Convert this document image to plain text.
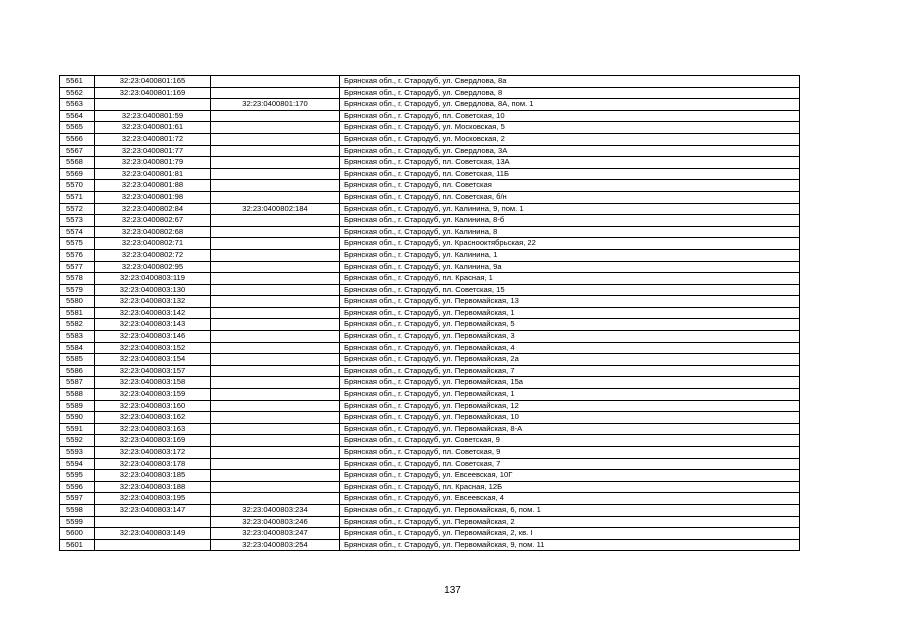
5561	32:23:0400801:165		Брянская обл., г. Стародуб, ул. Свердлова, 8а
5562	32:23:0400801:169		Брянская обл., г. Стародуб, ул. Свердлова, 8
5563		32:23:0400801:170	Брянская обл., г. Стародуб, ул. Свердлова, 8А, пом. 1
5564	32:23:0400801:59		Брянская обл., г. Стародуб, пл. Советская, 10
5565	32:23:0400801:61		Брянская обл., г. Стародуб, ул. Московская, 5
5566	32:23:0400801:72		Брянская обл., г. Стародуб, ул. Московская, 2
5567	32:23:0400801:77		Брянская обл., г. Стародуб, ул. Свердлова, 3А
5568	32:23:0400801:79		Брянская обл., г. Стародуб, пл. Советская, 13А
5569	32:23:0400801:81		Брянская обл., г. Стародуб, пл. Советская, 11Б
5570	32:23:0400801:88		Брянская обл., г. Стародуб, пл. Советская
5571	32:23:0400801:98		Брянская обл., г. Стародуб, пл. Советская, б/н
5572	32:23:0400802:84	32:23:0400802:184	Брянская обл., г. Стародуб, ул. Калинина, 9, пом. 1
5573	32:23:0400802:67		Брянская обл., г. Стародуб, ул. Калинина, 8-б
5574	32:23:0400802:68		Брянская обл., г. Стародуб, ул. Калинина, 8
5575	32:23:0400802:71		Брянская обл., г. Стародуб, ул. Краснооктябрьская, 22
5576	32:23:0400802:72		Брянская обл., г. Стародуб, ул. Калинина, 1
5577	32:23:0400802:95		Брянская обл., г. Стародуб, ул. Калинина, 9а
5578	32:23:0400803:119		Брянская обл., г. Стародуб, пл. Красная, 1
5579	32:23:0400803:130		Брянская обл., г. Стародуб, пл. Советская, 15
5580	32:23:0400803:132		Брянская обл., г. Стародуб, ул. Первомайская, 13
5581	32:23:0400803:142		Брянская обл., г. Стародуб, ул. Первомайская, 1
5582	32:23:0400803:143		Брянская обл., г. Стародуб, ул. Первомайская, 5
5583	32:23:0400803:146		Брянская обл., г. Стародуб, ул. Первомайская, 3
5584	32:23:0400803:152		Брянская обл., г. Стародуб, ул. Первомайская, 4
5585	32:23:0400803:154		Брянская обл., г. Стародуб, ул. Первомайская, 2а
5586	32:23:0400803:157		Брянская обл., г. Стародуб, ул. Первомайская, 7
5587	32:23:0400803:158		Брянская обл., г. Стародуб, ул. Первомайская, 15а
5588	32:23:0400803:159		Брянская обл., г. Стародуб, ул. Первомайская, 1
5589	32:23:0400803:160		Брянская обл., г. Стародуб, ул. Первомайская, 12
5590	32:23:0400803:162		Брянская обл., г. Стародуб, ул. Первомайская, 10
5591	32:23:0400803:163		Брянская обл., г. Стародуб, ул. Первомайская, 8-А
5592	32:23:0400803:169		Брянская обл., г. Стародуб, ул. Советская, 9
5593	32:23:0400803:172		Брянская обл., г. Стародуб, пл. Советская, 9
5594	32:23:0400803:178		Брянская обл., г. Стародуб, пл. Советская, 7
5595	32:23:0400803:185		Брянская обл., г. Стародуб, ул. Евсеевская, 10Г
5596	32:23:0400803:188		Брянская обл., г. Стародуб, пл. Красная, 12Б
5597	32:23:0400803:195		Брянская обл., г. Стародуб, ул. Евсеевская, 4
5598	32:23:0400803:147	32:23:0400803:234	Брянская обл., г. Стародуб, ул. Первомайская, 6, пом. 1
5599		32:23:0400803:246	Брянская обл., г. Стародуб, ул. Первомайская, 2
5600	32:23:0400803:149	32:23:0400803:247	Брянская обл., г. Стародуб, ул. Первомайская, 2, кв. I
5601		32:23:0400803:254	Брянская обл., г. Стародуб, ул. Первомайская, 9, пом. 11
137
